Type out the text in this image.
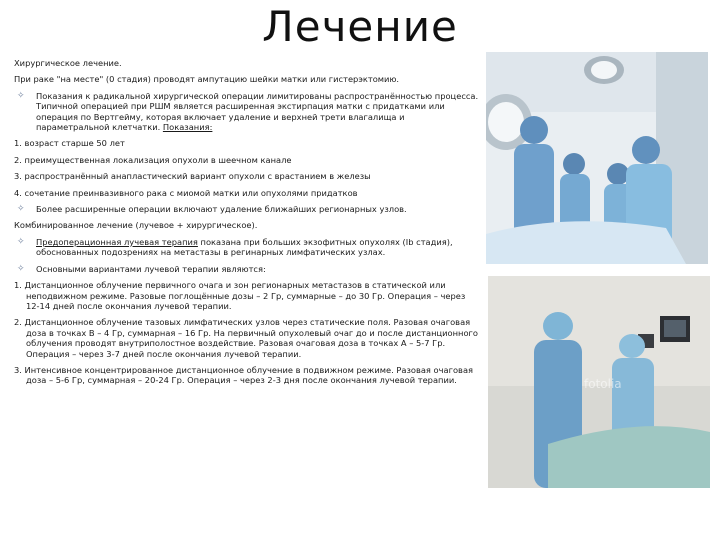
Лечение

Хирургическое лечение.

При раке "на месте" (0 стадия) проводят ампутацию шейки матки или гистерэктомию.

✧ Показания к радикальной хирургической операции лимитированы распространённостью процесса. Типичной операцией при РШМ является расширенная экстирпация матки с придатками или операция по Вертгейму, которая включает удаление и верхней трети влагалища и параметральной клетчатки. Показания:

1. возраст старше 50 лет

2. преимущественная локализация опухоли в шеечном канале

3. распространённый анапластический вариант опухоли с врастанием в железы

4. сочетание преинвазивного рака с миомой матки или опухолями придатков

✧ Более расширенные операции включают удаление ближайших регионарных узлов.

Комбинированное лечение (лучевое + хирургическое).

✧ Предоперационная лучевая терапия показана при больших экзофитных опухолях (Ib стадия), обоснованных подозрениях на метастазы в регинарных лимфатических узлах.
✧ Основными вариантами лучевой терапии являются:

1. Дистанционное облучение первичного очага и зон регионарных метастазов в статической или неподвижном режиме. Разовые поглощённые дозы – 2 Гр, суммарные – до 30 Гр. Операция – через 12-14 дней после окончания лучевой терапии.

2. Дистанционное облучение тазовых лимфатических узлов через статические поля. Разовая очаговая доза в точках В – 4 Гр, суммарная – 16 Гр. На первичный опухолевый очаг до и после дистанционного облучения проводят внутриполостное воздействие. Разовая очаговая доза в точках А – 5-7 Гр. Операция – через 3-7 дней после окончания лучевой терапии.

3. Интенсивное концентрированное дистанционное облучение в подвижном режиме. Разовая очаговая доза – 5-6 Гр, суммарная – 20-24 Гр. Операция – через 2-3 дня после окончания лучевой терапии.	fotolia
